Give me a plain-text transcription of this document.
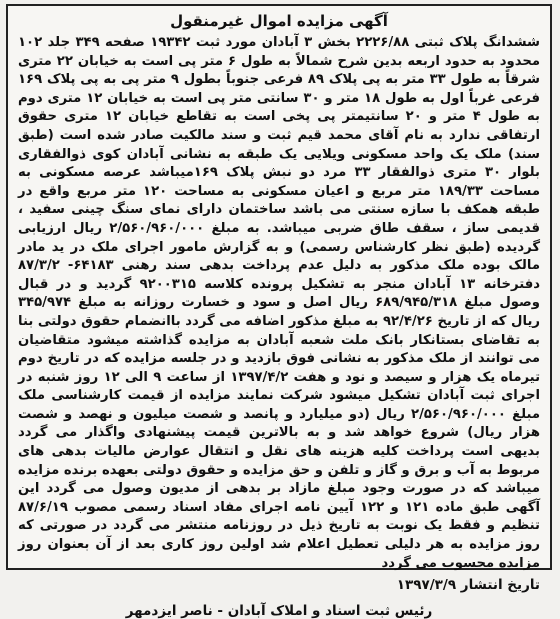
آگهی مزایده اموال غیرمنقول

ششدانگ پلاک ثبتی ۲۲۲۶/۸۸ بخش ۳ آبادان مورد ثبت ۱۹۳۴۲ صفحه ۳۴۹ جلد ۱۰۲ محدود به حدود اربعه بدین شرح شمالاً به طول ۶ متر پی است به خیابان ۲۲ متری شرقاً به طول ۳۳ متر به پی پلاک ۸۹ فرعی جنوباً بطول ۹ متر پی به پی پلاک ۱۶۹ فرعی غرباً اول به طول ۱۸ متر و ۳۰ سانتی متر پی است به خیابان ۱۲ متری دوم به طول ۴ متر و ۲۰ سانتیمتر پی پخی است به تقاطع خیابان ۱۲ متری حقوق ارتفاقی ندارد به نام آقای محمد قیم ثبت و سند مالکیت صادر شده است (طبق سند) ملک یک واحد مسکونی ویلایی یک طبقه به نشانی آبادان کوی ذوالفقاری بلوار ۳۰ متری ذوالفقار ۳۳ مرد دو نبش پلاک ۱۶۹میباشد عرصه مسکونی به مساحت ۱۸۹/۳۳ متر مربع و اعیان مسکونی به مساحت ۱۲۰ متر مربع واقع در طبقه همکف با سازه سنتی می باشد ساختمان دارای نمای سنگ چینی سفید ، قدیمی ساز ، سقف طاق ضربی میباشد. به مبلغ ۲/۵۶۰/۹۶۰/۰۰۰ ریال ارزیابی گردیده (طبق نظر کارشناس رسمی) و به گزارش مامور اجرای ملک در ید مادر مالک بوده ملک مذکور به دلیل عدم پرداخت بدهی سند رهنی ۶۴۱۸۳- ۸۷/۳/۲ دفترخانه ۱۳ آبادان منجر به تشکیل پرونده کلاسه ۹۲۰۰۳۱۵ گردید و در قبال وصول مبلغ ۶۸۹/۹۴۵/۳۱۸ ریال اصل و سود و خسارت روزانه به مبلغ ۳۴۵/۹۷۴ ریال که از تاریخ ۹۲/۴/۲۶ به مبلغ مذکور اضافه می گردد باانضمام حقوق دولتی بنا به تقاضای بستانکار بانک ملت شعبه آبادان به مزایده گذاشته میشود متقاضیان می توانند از ملک مذکور به نشانی فوق بازدید و در جلسه مزایده که در تاریخ دوم تیرماه یک هزار و سیصد و نود و هفت ۱۳۹۷/۴/۲ از ساعت ۹ الی ۱۲ روز شنبه در اجرای ثبت آبادان تشکیل میشود شرکت نمایند مزایده از قیمت کارشناسی ملک مبلغ ۲/۵۶۰/۹۶۰/۰۰۰ ریال (دو میلیارد و پانصد و شصت میلیون و نهصد و شصت هزار ریال) شروع خواهد شد و به بالاترین قیمت پیشنهادی واگذار می گردد بدیهی است پرداخت کلیه هزینه های نقل و انتقال عوارض مالیات بدهی های مربوط به آب و برق و گاز و تلفن و حق مزایده و حقوق دولتی بعهده برنده مزایده میباشد که در صورت وجود مبلغ مازاد بر بدهی از مدیون وصول می گردد این آگهی طبق ماده ۱۲۱ و ۱۲۲ آیین نامه اجرای مفاد اسناد رسمی مصوب ۸۷/۶/۱۹ تنظیم و فقط یک نوبت به تاریخ ذیل در روزنامه منتشر می گردد در صورتی که روز مزایده به هر دلیلی تعطیل اعلام شد اولین روز کاری بعد از آن بعنوان روز مزایده محسوب می گردد

تاریخ انتشار ۱۳۹۷/۳/۹
رئیس ثبت اسناد و املاک آبادان - ناصر ایزدمهر
